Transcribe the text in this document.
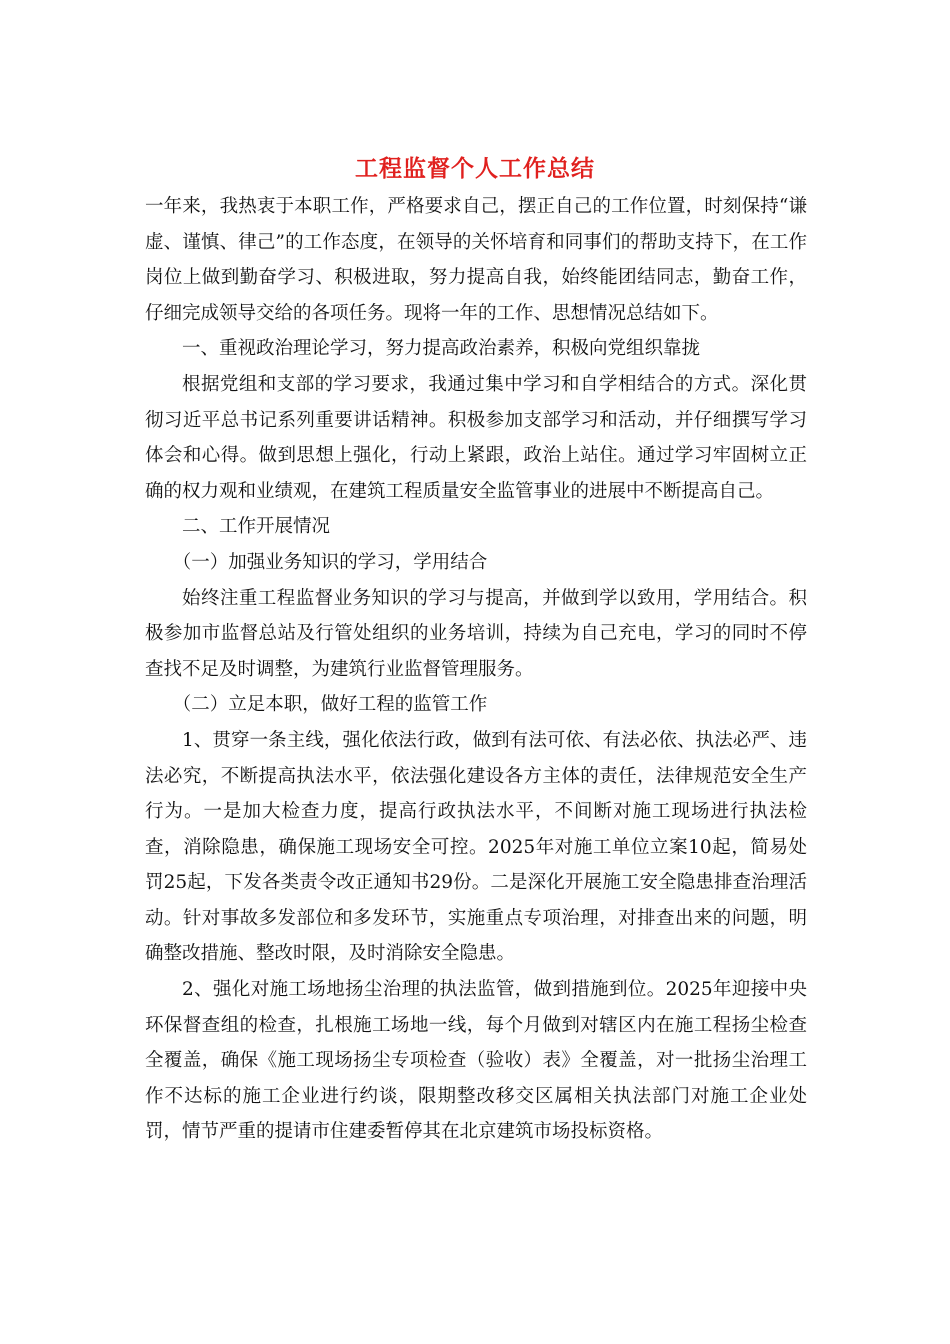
工程监督个人工作总结

一年来，我热衷于本职工作，严格要求自己，摆正自己的工作位置，时刻保持“谦虚、谨慎、律己”的工作态度，在领导的关怀培育和同事们的帮助支持下，在工作岗位上做到勤奋学习、积极进取，努力提高自我，始终能团结同志，勤奋工作，仔细完成领导交给的各项任务。现将一年的工作、思想情况总结如下。

一、重视政治理论学习，努力提高政治素养，积极向党组织靠拢

根据党组和支部的学习要求，我通过集中学习和自学相结合的方式。深化贯彻习近平总书记系列重要讲话精神。积极参加支部学习和活动，并仔细撰写学习体会和心得。做到思想上强化，行动上紧跟，政治上站住。通过学习牢固树立正确的权力观和业绩观，在建筑工程质量安全监管事业的进展中不断提高自己。

二、工作开展情况

（一）加强业务知识的学习，学用结合

始终注重工程监督业务知识的学习与提高，并做到学以致用，学用结合。积极参加市监督总站及行管处组织的业务培训，持续为自己充电，学习的同时不停查找不足及时调整，为建筑行业监督管理服务。

（二）立足本职，做好工程的监管工作

1、贯穿一条主线，强化依法行政，做到有法可依、有法必依、执法必严、违法必究，不断提高执法水平，依法强化建设各方主体的责任，法律规范安全生产行为。一是加大检查力度，提高行政执法水平，不间断对施工现场进行执法检查，消除隐患，确保施工现场安全可控。2025年对施工单位立案10起，简易处罚25起，下发各类责令改正通知书29份。二是深化开展施工安全隐患排查治理活动。针对事故多发部位和多发环节，实施重点专项治理，对排查出来的问题，明确整改措施、整改时限，及时消除安全隐患。

2、强化对施工场地扬尘治理的执法监管，做到措施到位。2025年迎接中央环保督查组的检查，扎根施工场地一线，每个月做到对辖区内在施工程扬尘检查全覆盖，确保《施工现场扬尘专项检查（验收）表》全覆盖，对一批扬尘治理工作不达标的施工企业进行约谈，限期整改移交区属相关执法部门对施工企业处罚，情节严重的提请市住建委暂停其在北京建筑市场投标资格。
